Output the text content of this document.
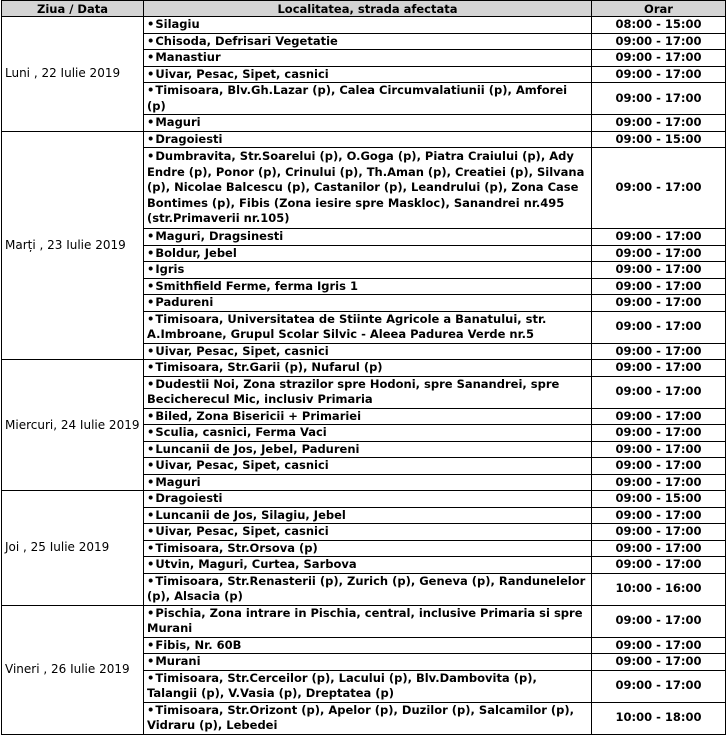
Ziua / Data	Localitatea, strada afectata	Orar
Luni , 22 Iulie 2019	•Silagiu	08:00 - 15:00
	•Chisoda, Defrisari Vegetatie	09:00 - 17:00
	•Manastiur	09:00 - 17:00
	•Uivar, Pesac, Sipet, casnici	09:00 - 17:00
	•Timisoara, Blv.Gh.Lazar (p), Calea Circumvalatiunii (p), Amforei (p)	09:00 - 17:00
	•Maguri	09:00 - 17:00
Marți , 23 Iulie 2019	•Dragoiesti	09:00 - 15:00
	•Dumbravita, Str.Soarelui (p), O.Goga (p), Piatra Craiului (p), Ady Endre (p), Ponor (p), Crinului (p), Th.Aman (p), Creatiei (p), Silvana (p), Nicolae Balcescu (p), Castanilor (p), Leandrului (p), Zona Case Bontimes (p), Fibis (Zona iesire spre Maskloc), Sanandrei nr.495 (str.Primaverii nr.105)	09:00 - 17:00
	•Maguri, Dragsinesti	09:00 - 17:00
	•Boldur, Jebel	09:00 - 17:00
	•Igris	09:00 - 17:00
	•Smithfield Ferme, ferma Igris 1	09:00 - 17:00
	•Padureni	09:00 - 17:00
	•Timisoara, Universitatea de Stiinte Agricole a Banatului, str. A.Imbroane, Grupul Scolar Silvic - Aleea Padurea Verde nr.5	09:00 - 17:00
	•Uivar, Pesac, Sipet, casnici	09:00 - 17:00
Miercuri, 24 Iulie 2019	•Timisoara, Str.Garii (p), Nufarul (p)	09:00 - 17:00
	•Dudestii Noi, Zona strazilor spre Hodoni, spre Sanandrei, spre Becicherecul Mic, inclusiv Primaria	09:00 - 17:00
	•Biled, Zona Bisericii + Primariei	09:00 - 17:00
	•Sculia, casnici, Ferma Vaci	09:00 - 17:00
	•Luncanii de Jos, Jebel, Padureni	09:00 - 17:00
	•Uivar, Pesac, Sipet, casnici	09:00 - 17:00
	•Maguri	09:00 - 17:00
Joi , 25 Iulie 2019	•Dragoiesti	09:00 - 15:00
	•Luncanii de Jos, Silagiu, Jebel	09:00 - 17:00
	•Uivar, Pesac, Sipet, casnici	09:00 - 17:00
	•Timisoara, Str.Orsova (p)	09:00 - 17:00
	•Utvin, Maguri, Curtea, Sarbova	09:00 - 17:00
	•Timisoara, Str.Renasterii (p), Zurich (p), Geneva (p), Randunelelor (p), Alsacia (p)	10:00 - 16:00
Vineri , 26 Iulie 2019	•Pischia, Zona intrare in Pischia, central, inclusive Primaria si spre Murani	09:00 - 17:00
	•Fibis, Nr. 60B	09:00 - 17:00
	•Murani	09:00 - 17:00
	•Timisoara, Str.Cerceilor (p), Lacului (p), Blv.Dambovita (p), Talangii (p), V.Vasia (p), Dreptatea (p)	09:00 - 17:00
	•Timisoara, Str.Orizont (p), Apelor (p), Duzilor (p), Salcamilor (p), Vidraru (p), Lebedei	10:00 - 18:00
